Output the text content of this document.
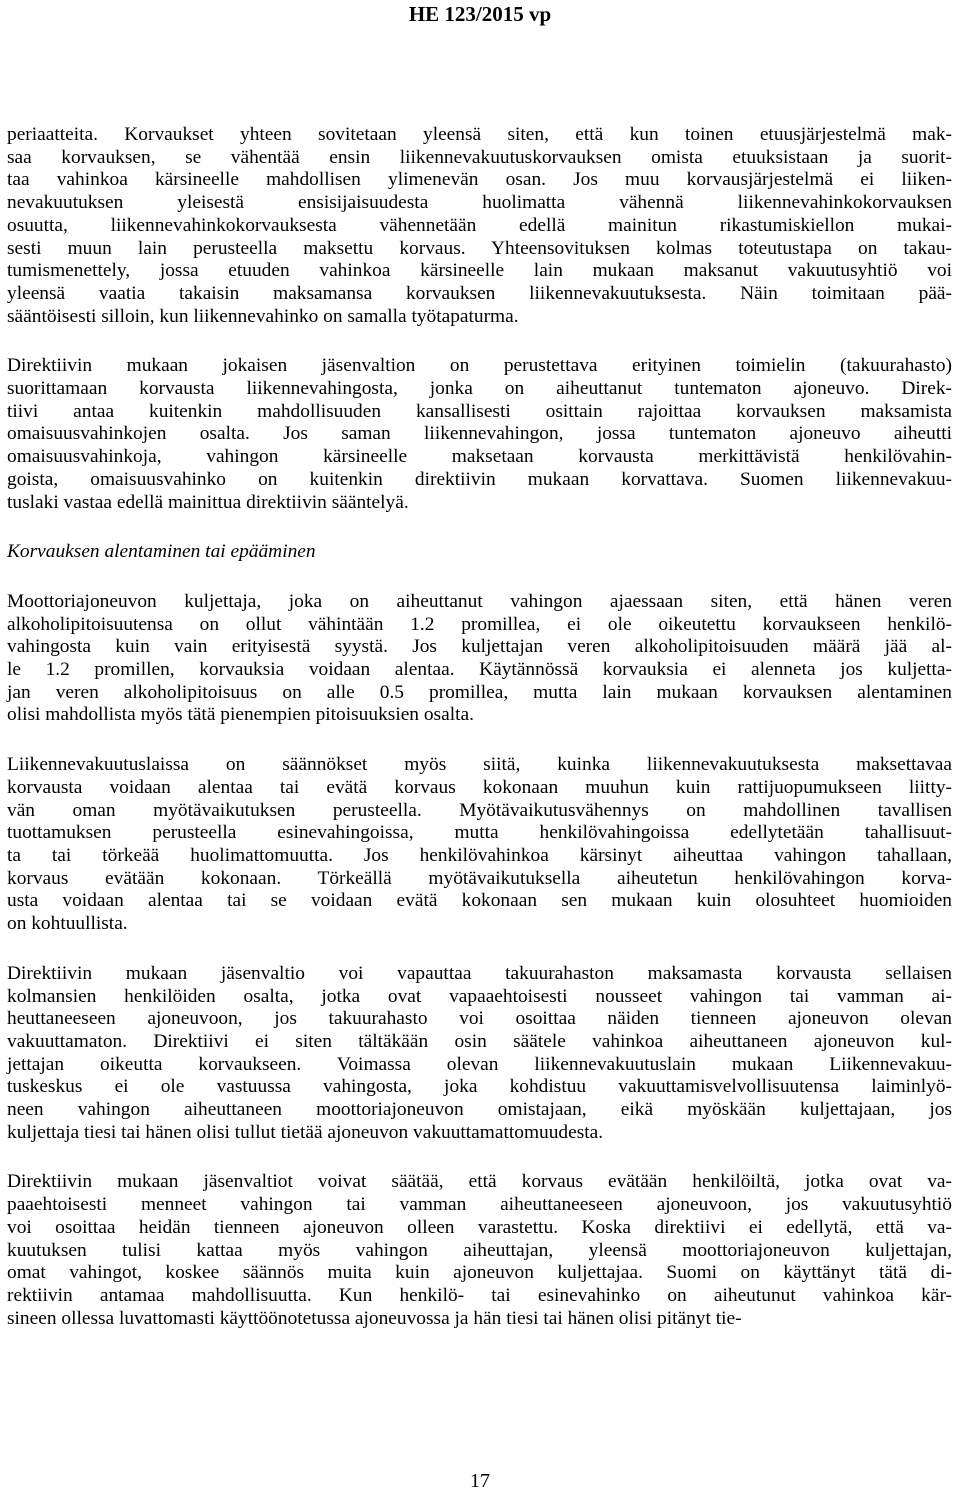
HE 123/2015 vp
periaatteita. Korvaukset yhteen sovitetaan yleensä siten, että kun toinen etuusjärjestelmä mak-
saa korvauksen, se vähentää ensin liikennevakuutuskorvauksen omista etuuksistaan ja suorit-
taa vahinkoa kärsineelle mahdollisen ylimenevän osan. Jos muu korvausjärjestelmä ei liiken-
nevakuutuksen yleisestä ensisijaisuudesta huolimatta vähennä liikennevahinkokorvauksen
osuutta, liikennevahinkokorvauksesta vähennetään edellä mainitun rikastumiskiellon mukai-
sesti muun lain perusteella maksettu korvaus. Yhteensovituksen kolmas toteutustapa on takau-
tumismenettely, jossa etuuden vahinkoa kärsineelle lain mukaan maksanut vakuutusyhtiö voi
yleensä vaatia takaisin maksamansa korvauksen liikennevakuutuksesta. Näin toimitaan pää-
sääntöisesti silloin, kun liikennevahinko on samalla työtapaturma.
Direktiivin mukaan jokaisen jäsenvaltion on perustettava erityinen toimielin (takuurahasto)
suorittamaan korvausta liikennevahingosta, jonka on aiheuttanut tuntematon ajoneuvo. Direk-
tiivi antaa kuitenkin mahdollisuuden kansallisesti osittain rajoittaa korvauksen maksamista
omaisuusvahinkojen osalta. Jos saman liikennevahingon, jossa tuntematon ajoneuvo aiheutti
omaisuusvahinkoja, vahingon kärsineelle maksetaan korvausta merkittävistä henkilövahin-
goista, omaisuusvahinko on kuitenkin direktiivin mukaan korvattava. Suomen liikennevakuu-
tuslaki vastaa edellä mainittua direktiivin sääntelyä.
Korvauksen alentaminen tai epääminen
Moottoriajoneuvon kuljettaja, joka on aiheuttanut vahingon ajaessaan siten, että hänen veren
alkoholipitoisuutensa on ollut vähintään 1.2 promillea, ei ole oikeutettu korvaukseen henkilö-
vahingosta kuin vain erityisestä syystä. Jos kuljettajan veren alkoholipitoisuuden määrä jää al-
le 1.2 promillen, korvauksia voidaan alentaa. Käytännössä korvauksia ei alenneta jos kuljetta-
jan veren alkoholipitoisuus on alle 0.5 promillea, mutta lain mukaan korvauksen alentaminen
olisi mahdollista myös tätä pienempien pitoisuuksien osalta.
Liikennevakuutuslaissa on säännökset myös siitä, kuinka liikennevakuutuksesta maksettavaa
korvausta voidaan alentaa tai evätä korvaus kokonaan muuhun kuin rattijuopumukseen liitty-
vän oman myötävaikutuksen perusteella. Myötävaikutusvähennys on mahdollinen tavallisen
tuottamuksen perusteella esinevahingoissa, mutta henkilövahingoissa edellytetään tahallisuut-
ta tai törkeää huolimattomuutta. Jos henkilövahinkoa kärsinyt aiheuttaa vahingon tahallaan,
korvaus evätään kokonaan. Törkeällä myötävaikutuksella aiheutetun henkilövahingon korva-
usta voidaan alentaa tai se voidaan evätä kokonaan sen mukaan kuin olosuhteet huomioiden
on kohtuullista.
Direktiivin mukaan jäsenvaltio voi vapauttaa takuurahaston maksamasta korvausta sellaisen
kolmansien henkilöiden osalta, jotka ovat vapaaehtoisesti nousseet vahingon tai vamman ai-
heuttaneeseen ajoneuvoon, jos takuurahasto voi osoittaa näiden tienneen ajoneuvon olevan
vakuuttamaton. Direktiivi ei siten tältäkään osin säätele vahinkoa aiheuttaneen ajoneuvon kul-
jettajan oikeutta korvaukseen. Voimassa olevan liikennevakuutuslain mukaan Liikennevakuu-
tuskeskus ei ole vastuussa vahingosta, joka kohdistuu vakuuttamisvelvollisuutensa laiminlyö-
neen vahingon aiheuttaneen moottoriajoneuvon omistajaan, eikä myöskään kuljettajaan, jos
kuljettaja tiesi tai hänen olisi tullut tietää ajoneuvon vakuuttamattomuudesta.
Direktiivin mukaan jäsenvaltiot voivat säätää, että korvaus evätään henkilöiltä, jotka ovat va-
paaehtoisesti menneet vahingon tai vamman aiheuttaneeseen ajoneuvoon, jos vakuutusyhtiö
voi osoittaa heidän tienneen ajoneuvon olleen varastettu. Koska direktiivi ei edellytä, että va-
kuutuksen tulisi kattaa myös vahingon aiheuttajan, yleensä moottoriajoneuvon kuljettajan,
omat vahingot, koskee säännös muita kuin ajoneuvon kuljettajaa. Suomi on käyttänyt tätä di-
rektiivin antamaa mahdollisuutta. Kun henkilö- tai esinevahinko on aiheutunut vahinkoa kär-
sineen ollessa luvattomasti käyttöönotetussa ajoneuvossa ja hän tiesi tai hänen olisi pitänyt tie-
17
